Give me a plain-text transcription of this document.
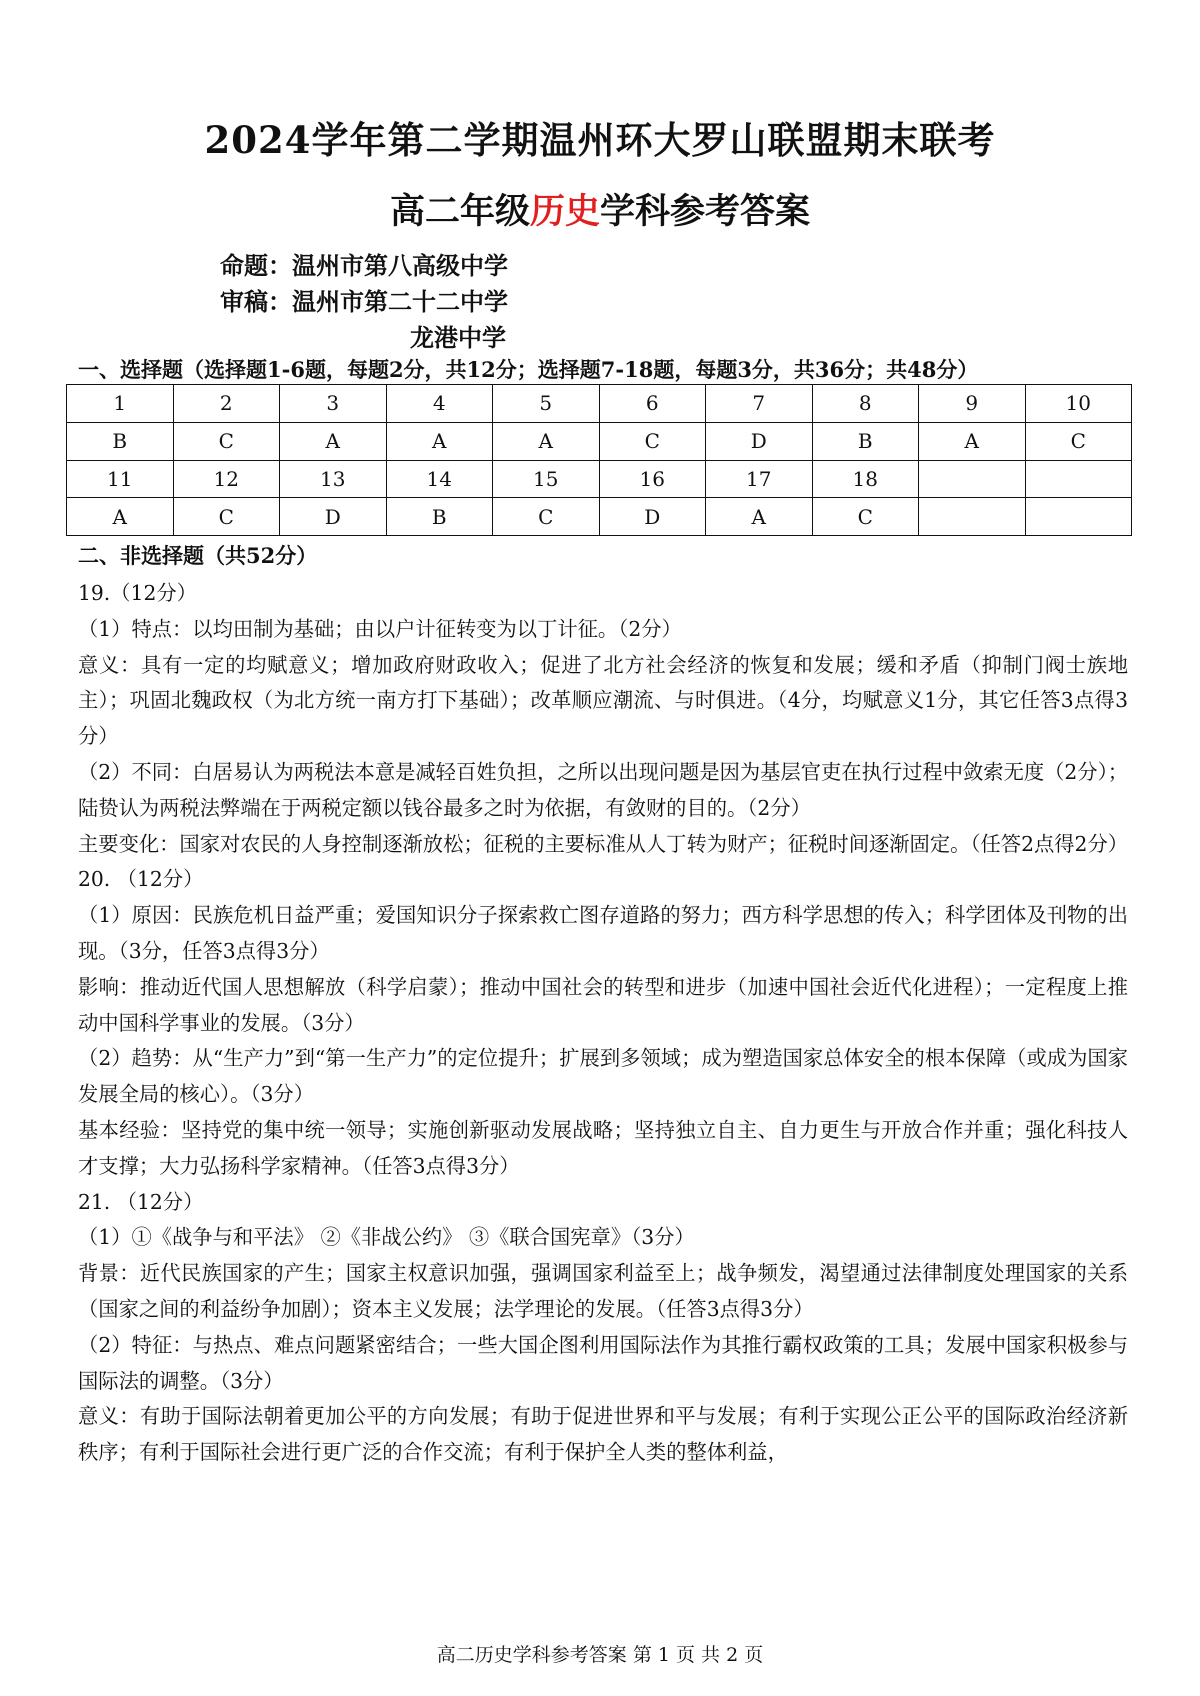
2024学年第二学期温州环大罗山联盟期末联考
高二年级历史学科参考答案
命题：温州市第八高级中学
审稿：温州市第二十二中学
龙港中学
一、选择题（选择题1-6题，每题2分，共12分；选择题7-18题，每题3分，共36分；共48分）
1	2	3	4	5	6	7	8	9	10
B	C	A	A	A	C	D	B	A	C
11	12	13	14	15	16	17	18		
A	C	D	B	C	D	A	C		
二、非选择题（共52分）

19.（12分）

（1）特点：以均田制为基础；由以户计征转变为以丁计征。（2分）

意义：具有一定的均赋意义；增加政府财政收入；促进了北方社会经济的恢复和发展；缓和矛盾（抑制门阀士族地主）；巩固北魏政权（为北方统一南方打下基础）；改革顺应潮流、与时俱进。（4分，均赋意义1分，其它任答3点得3分）

（2）不同：白居易认为两税法本意是减轻百姓负担，之所以出现问题是因为基层官吏在执行过程中敛索无度（2分）；陆贽认为两税法弊端在于两税定额以钱谷最多之时为依据，有敛财的目的。（2分）

主要变化：国家对农民的人身控制逐渐放松；征税的主要标准从人丁转为财产；征税时间逐渐固定。（任答2点得2分）

20. （12分）

（1）原因：民族危机日益严重；爱国知识分子探索救亡图存道路的努力；西方科学思想的传入；科学团体及刊物的出现。（3分，任答3点得3分）

影响：推动近代国人思想解放（科学启蒙）；推动中国社会的转型和进步（加速中国社会近代化进程）；一定程度上推动中国科学事业的发展。（3分）

（2）趋势：从“生产力”到“第一生产力”的定位提升；扩展到多领域；成为塑造国家总体安全的根本保障（或成为国家发展全局的核心）。（3分）

基本经验：坚持党的集中统一领导；实施创新驱动发展战略；坚持独立自主、自力更生与开放合作并重；强化科技人才支撑；大力弘扬科学家精神。（任答3点得3分）

21. （12分）

（1）①《战争与和平法》 ②《非战公约》 ③《联合国宪章》（3分）

背景：近代民族国家的产生；国家主权意识加强，强调国家利益至上；战争频发，渴望通过法律制度处理国家的关系（国家之间的利益纷争加剧）；资本主义发展；法学理论的发展。（任答3点得3分）

（2）特征：与热点、难点问题紧密结合；一些大国企图利用国际法作为其推行霸权政策的工具；发展中国家积极参与国际法的调整。（3分）

意义：有助于国际法朝着更加公平的方向发展；有助于促进世界和平与发展；有利于实现公正公平的国际政治经济新秩序；有利于国际社会进行更广泛的合作交流；有利于保护全人类的整体利益，

高二历史学科参考答案 第 1 页 共 2 页
